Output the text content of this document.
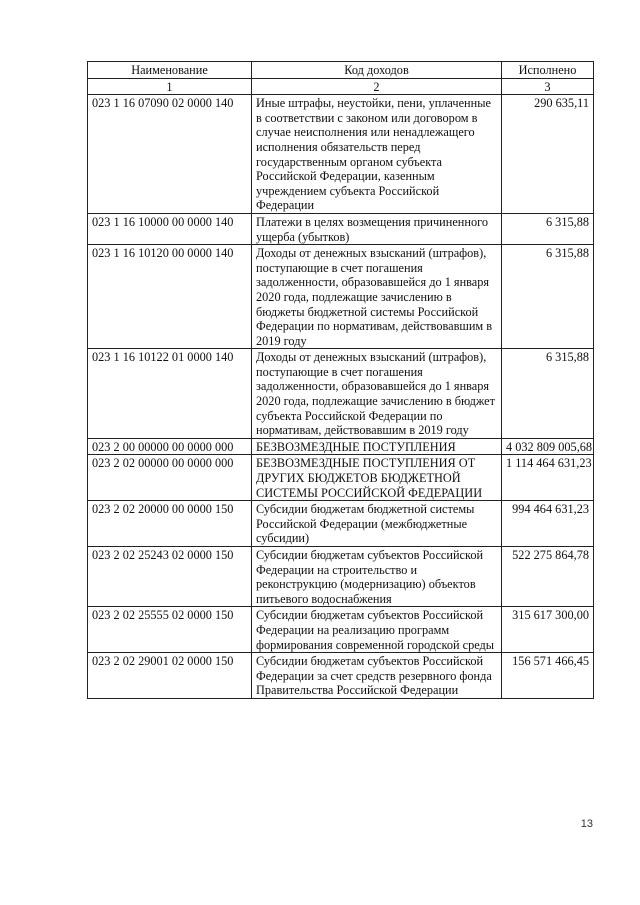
Наименование	Код доходов	Исполнено
1	2	3
023 1 16 07090 02 0000 140	Иные штрафы, неустойки, пени, уплаченные в соответствии с законом или договором в случае неисполнения или ненадлежащего исполнения обязательств перед государственным органом субъекта Российской Федерации, казенным учреждением субъекта Российской Федерации	290 635,11
023 1 16 10000 00 0000 140	Платежи в целях возмещения причиненного ущерба (убытков)	6 315,88
023 1 16 10120 00 0000 140	Доходы от денежных взысканий (штрафов), поступающие в счет погашения задолженности, образовавшейся до 1 января 2020 года, подлежащие зачислению в бюджеты бюджетной системы Российской Федерации по нормативам, действовавшим в 2019 году	6 315,88
023 1 16 10122 01 0000 140	Доходы от денежных взысканий (штрафов), поступающие в счет погашения задолженности, образовавшейся до 1 января 2020 года, подлежащие зачислению в бюджет субъекта Российской Федерации по нормативам, действовавшим в 2019 году	6 315,88
023 2 00 00000 00 0000 000	БЕЗВОЗМЕЗДНЫЕ ПОСТУПЛЕНИЯ	4 032 809 005,68
023 2 02 00000 00 0000 000	БЕЗВОЗМЕЗДНЫЕ ПОСТУПЛЕНИЯ ОТ ДРУГИХ БЮДЖЕТОВ БЮДЖЕТНОЙ СИСТЕМЫ РОССИЙСКОЙ ФЕДЕРАЦИИ	1 114 464 631,23
023 2 02 20000 00 0000 150	Субсидии бюджетам бюджетной системы Российской Федерации (межбюджетные субсидии)	994 464 631,23
023 2 02 25243 02 0000 150	Субсидии бюджетам субъектов Российской Федерации на строительство и реконструкцию (модернизацию) объектов питьевого водоснабжения	522 275 864,78
023 2 02 25555 02 0000 150	Субсидии бюджетам субъектов Российской Федерации на реализацию программ формирования современной городской среды	315 617 300,00
023 2 02 29001 02 0000 150	Субсидии бюджетам субъектов Российской Федерации за счет средств резервного фонда Правительства Российской Федерации	156 571 466,45
13
